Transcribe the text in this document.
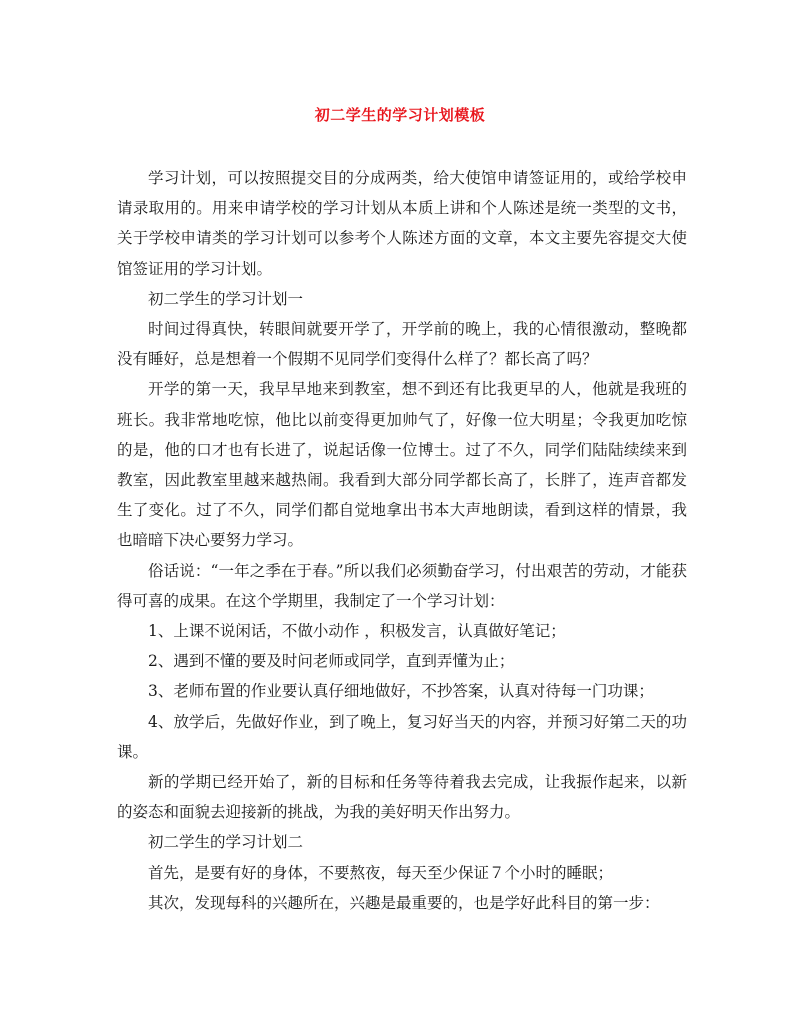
初二学生的学习计划模板

学习计划，可以按照提交目的分成两类，给大使馆申请签证用的，或给学校申请录取用的。用来申请学校的学习计划从本质上讲和个人陈述是统一类型的文书，关于学校申请类的学习计划可以参考个人陈述方面的文章，本文主要先容提交大使馆签证用的学习计划。

初二学生的学习计划一

时间过得真快，转眼间就要开学了，开学前的晚上，我的心情很激动，整晚都没有睡好，总是想着一个假期不见同学们变得什么样了？都长高了吗？

开学的第一天，我早早地来到教室，想不到还有比我更早的人，他就是我班的班长。我非常地吃惊，他比以前变得更加帅气了，好像一位大明星；令我更加吃惊的是，他的口才也有长进了，说起话像一位博士。过了不久，同学们陆陆续续来到教室，因此教室里越来越热闹。我看到大部分同学都长高了，长胖了，连声音都发生了变化。过了不久，同学们都自觉地拿出书本大声地朗读，看到这样的情景，我也暗暗下决心要努力学习。

俗话说：“一年之季在于春。”所以我们必须勤奋学习，付出艰苦的劳动，才能获得可喜的成果。在这个学期里，我制定了一个学习计划：

1、上课不说闲话，不做小动作 ，积极发言，认真做好笔记；

2、遇到不懂的要及时问老师或同学，直到弄懂为止；

3、老师布置的作业要认真仔细地做好，不抄答案，认真对待每一门功课；

4、放学后，先做好作业，到了晚上，复习好当天的内容，并预习好第二天的功课。

新的学期已经开始了，新的目标和任务等待着我去完成，让我振作起来，以新的姿态和面貌去迎接新的挑战，为我的美好明天作出努力。

初二学生的学习计划二

首先，是要有好的身体，不要熬夜，每天至少保证７个小时的睡眠；

其次，发现每科的兴趣所在，兴趣是最重要的，也是学好此科目的第一步：
